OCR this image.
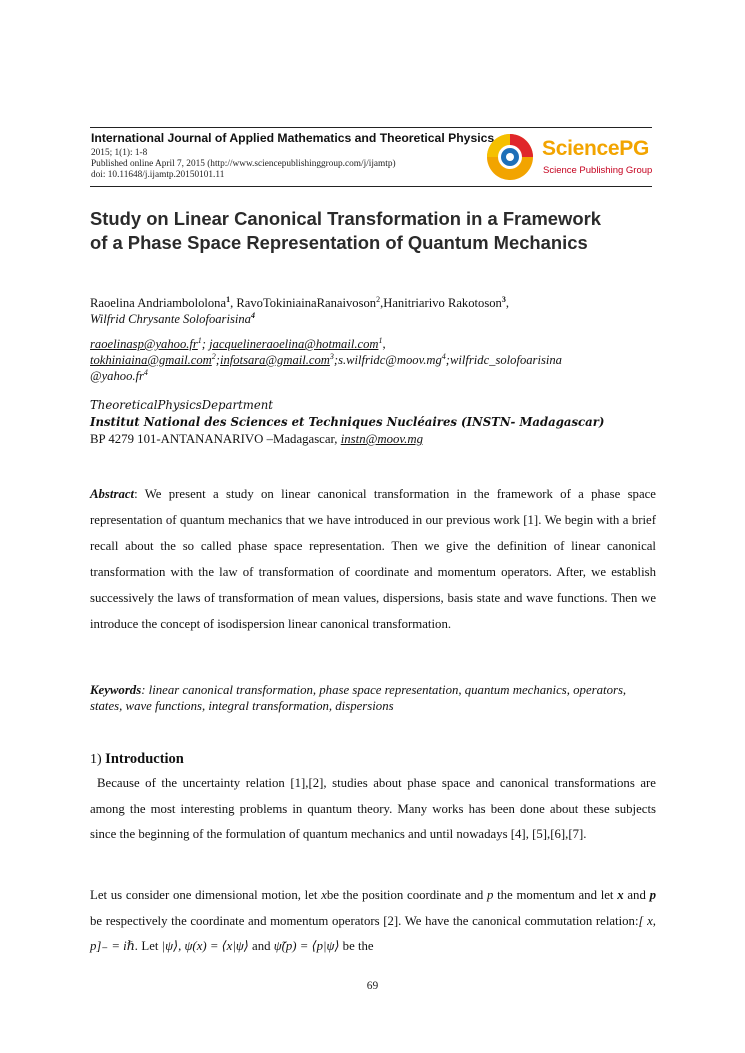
International Journal of Applied Mathematics and Theoretical Physics
2015; 1(1): 1-8
Published online April 7, 2015 (http://www.sciencepublishinggroup.com/j/ijamtp)
doi: 10.11648/j.ijamtp.20150101.11
SciencePG
Science Publishing Group
Study on Linear Canonical Transformation in a Framework
of a Phase Space Representation of Quantum Mechanics
Raoelina Andriambololona$^1$, RavoTokiniainaRanaivoson$^2$,Hanitriarivo Rakotoson$^3$,
Wilfrid Chrysante Solofoarisina$^4$
$raoelinasp@yahoo.fr^1$; jacquelineraoelina@hotmail.com$^1$,
$tokhiniaina@gmail.com^2;infotsara@gmail.com^3;s.wilfridc@moov.mg^4;wilfridc\_solofoarisina$
$@yahoo.fr^4$
TheoreticalPhysicsDepartment
Institut National des Sciences et Techniques Nucléaires (INSTN- Madagascar)
BP 4279 101-ANTANANARIVO –Madagascar, instn@moov.mg
Abstract: We present a study on linear canonical transformation in the framework of a phase space representation of quantum mechanics that we have introduced in our previous work [1]. We begin with a brief recall about the so called phase space representation. Then we give the definition of linear canonical transformation with the law of transformation of coordinate and momentum operators. After, we establish successively the laws of transformation of mean values, dispersions, basis state and wave functions. Then we introduce the concept of isodispersion linear canonical transformation.
Keywords: linear canonical transformation, phase space representation, quantum mechanics, operators, states, wave functions, integral transformation, dispersions
1) Introduction
Because of the uncertainty relation [1],[2], studies about phase space and canonical transformations are among the most interesting problems in quantum theory. Many works has been done about these subjects since the beginning of the formulation of quantum mechanics and until nowadays [4], [5],[6],[7].
Let us consider one dimensional motion, let xbe the position coordinate and p the momentum and let x and p be respectively the coordinate and momentum operators [2]. We have the canonical commutation relation:[ x, p]₋ = iℏ. Let |ψ⟩, ψ(x) = ⟨x|ψ⟩ and ψ̃(p) = ⟨p|ψ⟩ be the
69
